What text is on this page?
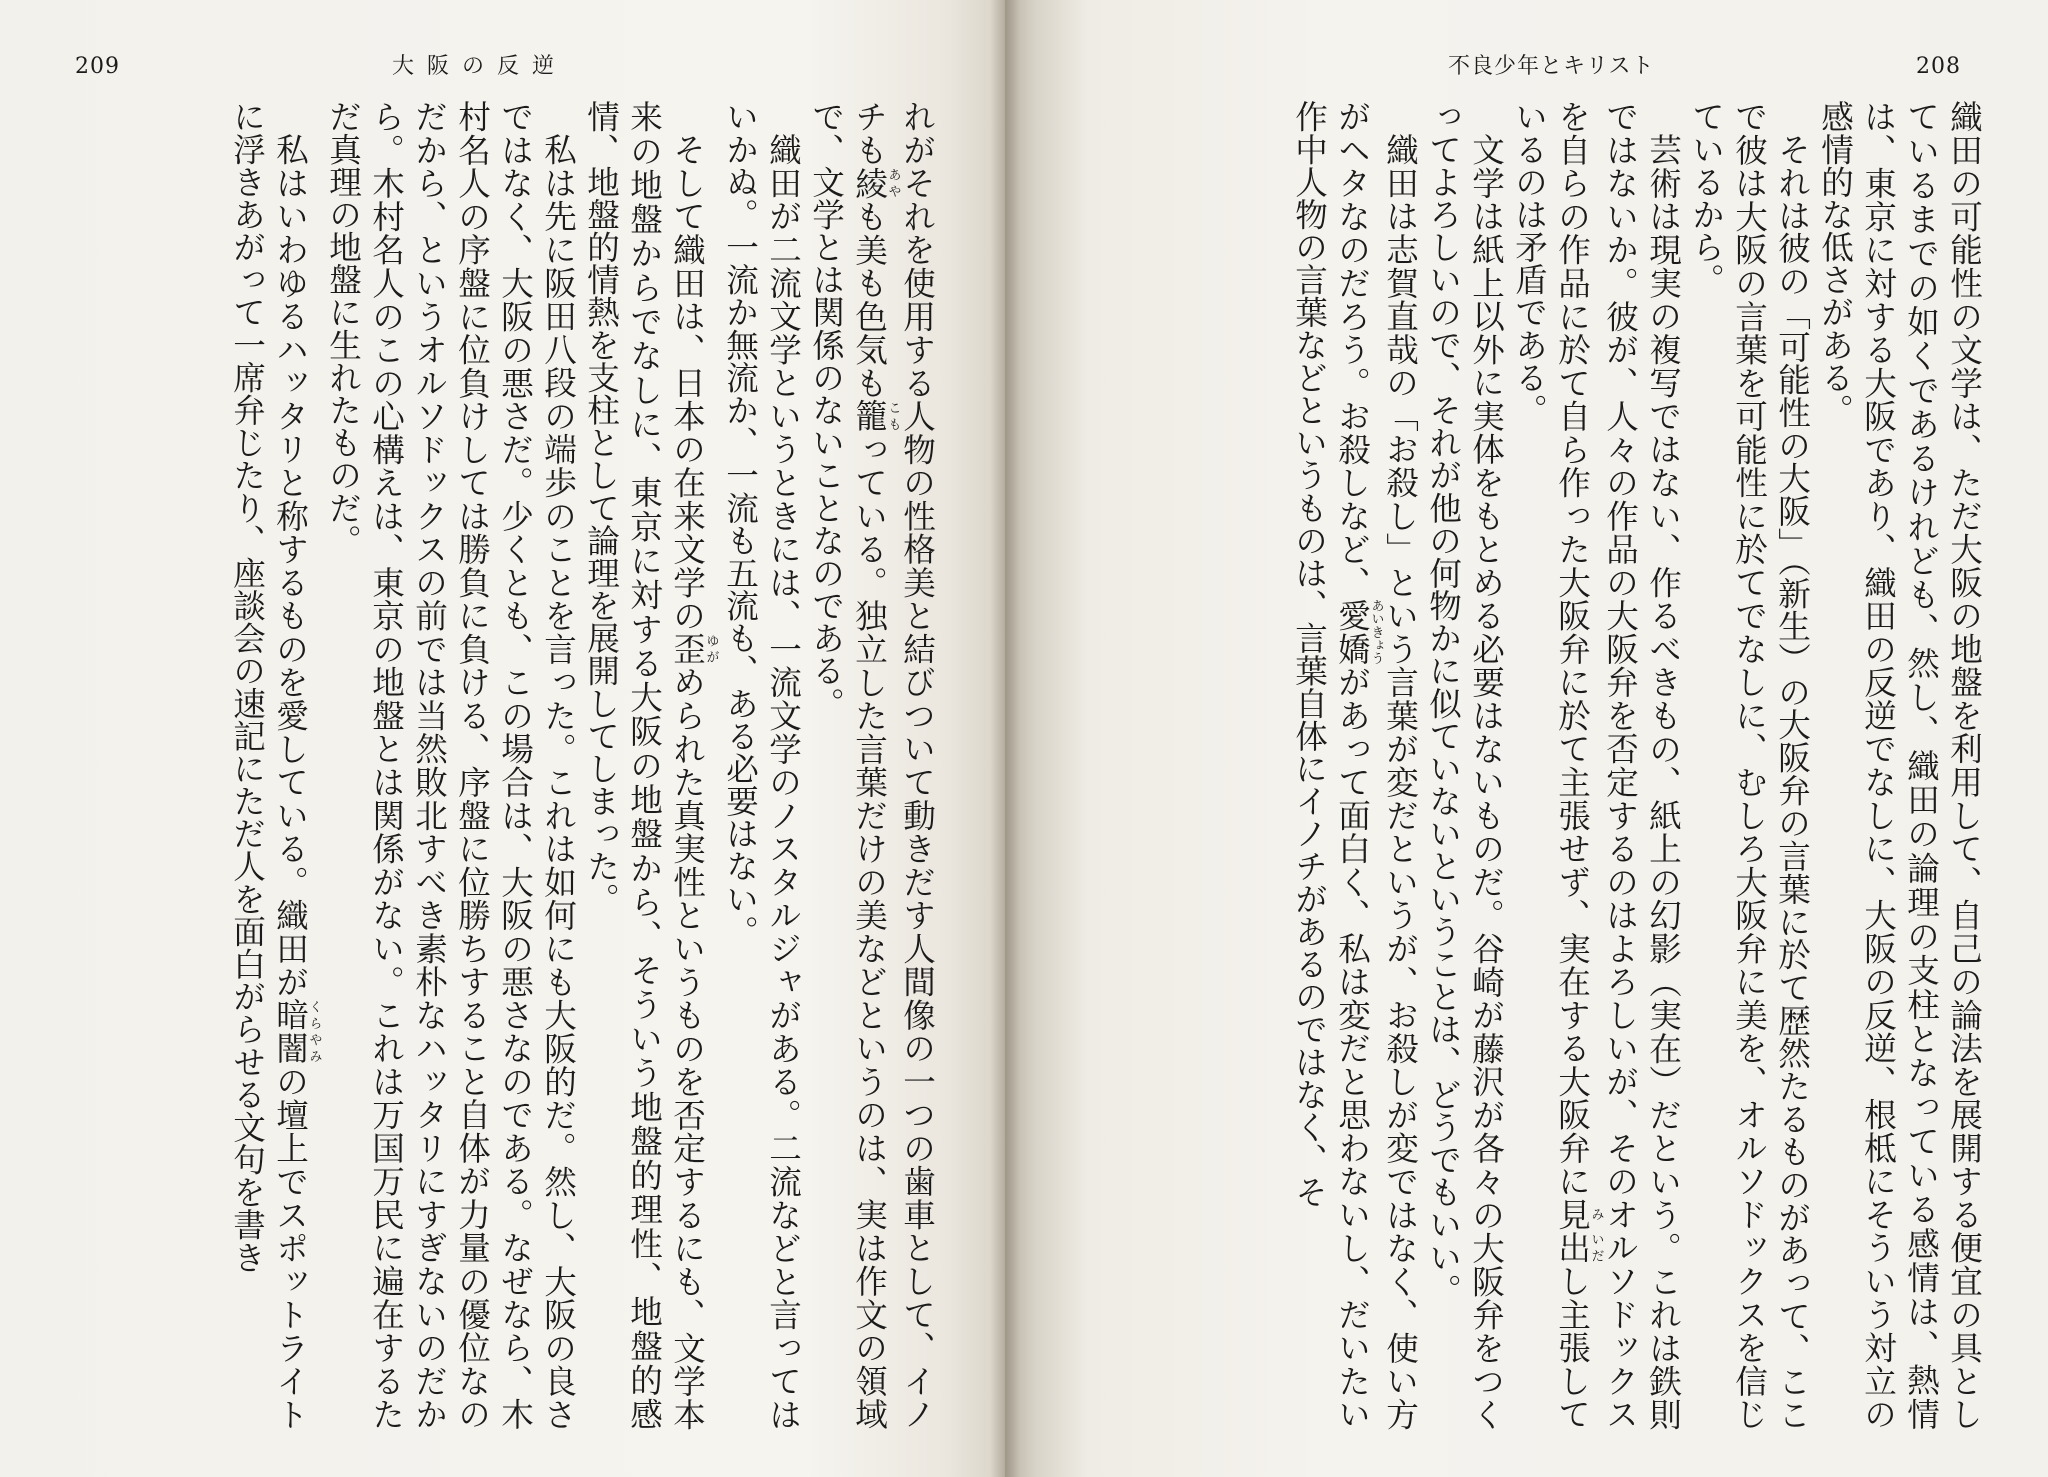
209	大阪の反逆

れがそれを使用する人物の性格美と結びついて動きだす人間像の一つの歯車として、イノチも綾あやも美も色気も籠こもっている。独立した言葉だけの美などというのは、実は作文の領域で、文学とは関係のないことなのである。

織田が二流文学というときには、一流文学のノスタルジャがある。二流などと言ってはいかぬ。一流か無流か、一流も五流も、ある必要はない。

そして織田は、日本の在来文学の歪ゆがめられた真実性というものを否定するにも、文学本来の地盤からでなしに、東京に対する大阪の地盤から、そういう地盤的理性、地盤的感情、地盤的情熱を支柱として論理を展開してしまった。

私は先に阪田八段の端歩のことを言った。これは如何にも大阪的だ。然し、大阪の良さではなく、大阪の悪さだ。少くとも、この場合は、大阪の悪さなのである。なぜなら、木村名人の序盤に位負けしては勝負に負ける、序盤に位勝ちすること自体が力量の優位なのだから、というオルソドックスの前では当然敗北すべき素朴なハッタリにすぎないのだから。木村名人のこの心構えは、東京の地盤とは関係がない。これは万国万民に遍在するただ真理の地盤に生れたものだ。

私はいわゆるハッタリと称するものを愛している。織田が暗闇くらやみの壇上でスポットライトに浮きあがって一席弁じたり、座談会の速記にただ人を面白がらせる文句を書き

不良少年とキリスト	208

織田の可能性の文学は、ただ大阪の地盤を利用して、自己の論法を展開する便宜の具としているまでの如くであるけれども、然し、織田の論理の支柱となっている感情は、熱情は、東京に対する大阪であり、織田の反逆でなしに、大阪の反逆、根柢にそういう対立の感情的な低さがある。

それは彼の「可能性の大阪」（新生）の大阪弁の言葉に於て歴然たるものがあって、ここで彼は大阪の言葉を可能性に於てでなしに、むしろ大阪弁に美を、オルソドックスを信じているから。

芸術は現実の複写ではない、作るべきもの、紙上の幻影（実在）だという。これは鉄則ではないか。彼が、人々の作品の大阪弁を否定するのはよろしいが、そのオルソドックスを自らの作品に於て自ら作った大阪弁に於て主張せず、実在する大阪弁に見み出いだし主張しているのは矛盾である。

文学は紙上以外に実体をもとめる必要はないものだ。谷崎が藤沢が各々の大阪弁をつくってよろしいので、それが他の何物かに似ていないということは、どうでもいい。

織田は志賀直哉の「お殺し」という言葉が変だというが、お殺しが変ではなく、使い方がヘタなのだろう。お殺しなど、愛嬌あいきょうがあって面白く、私は変だと思わないし、だいたい作中人物の言葉などというものは、言葉自体にイノチがあるのではなく、そ
